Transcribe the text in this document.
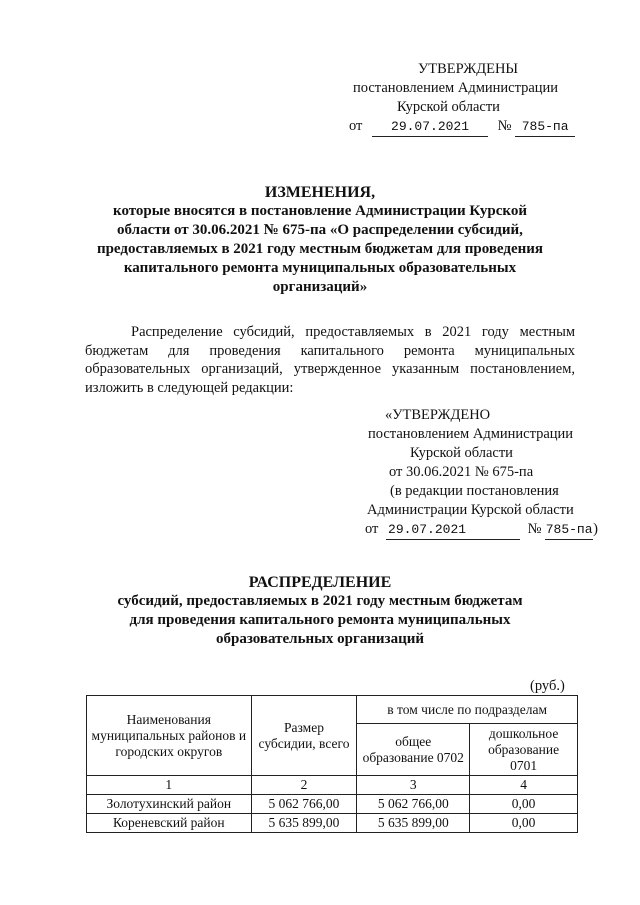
УТВЕРЖДЕНЫ
постановлением Администрации
Курской области
от 29.07.2021 № 785-па
ИЗМЕНЕНИЯ,
которые вносятся в постановление Администрации Курской
области от 30.06.2021 № 675-па «О распределении субсидий,
предоставляемых в 2021 году местным бюджетам для проведения
капитального ремонта муниципальных образовательных
организаций»
Распределение субсидий, предоставляемых в 2021 году местным бюджетам для проведения капитального ремонта муниципальных образовательных организаций, утвержденное указанным постановлением, изложить в следующей редакции:
«УТВЕРЖДЕНО
постановлением Администрации
Курской области
от 30.06.2021 № 675-па
(в редакции постановления
Администрации Курской области
от 29.07.2021	№ 785-па)
РАСПРЕДЕЛЕНИЕ
субсидий, предоставляемых в 2021 году местным бюджетам
для проведения капитального ремонта муниципальных
образовательных организаций
(руб.)
Наименования муниципальных районов и городских округов	Размер субсидии, всего	в том числе по подразделам	
		общее образование 0702	дошкольное образование 0701
1	2	3	4
Золотухинский район	5 062 766,00	5 062 766,00	0,00
Кореневский район	5 635 899,00	5 635 899,00	0,00
